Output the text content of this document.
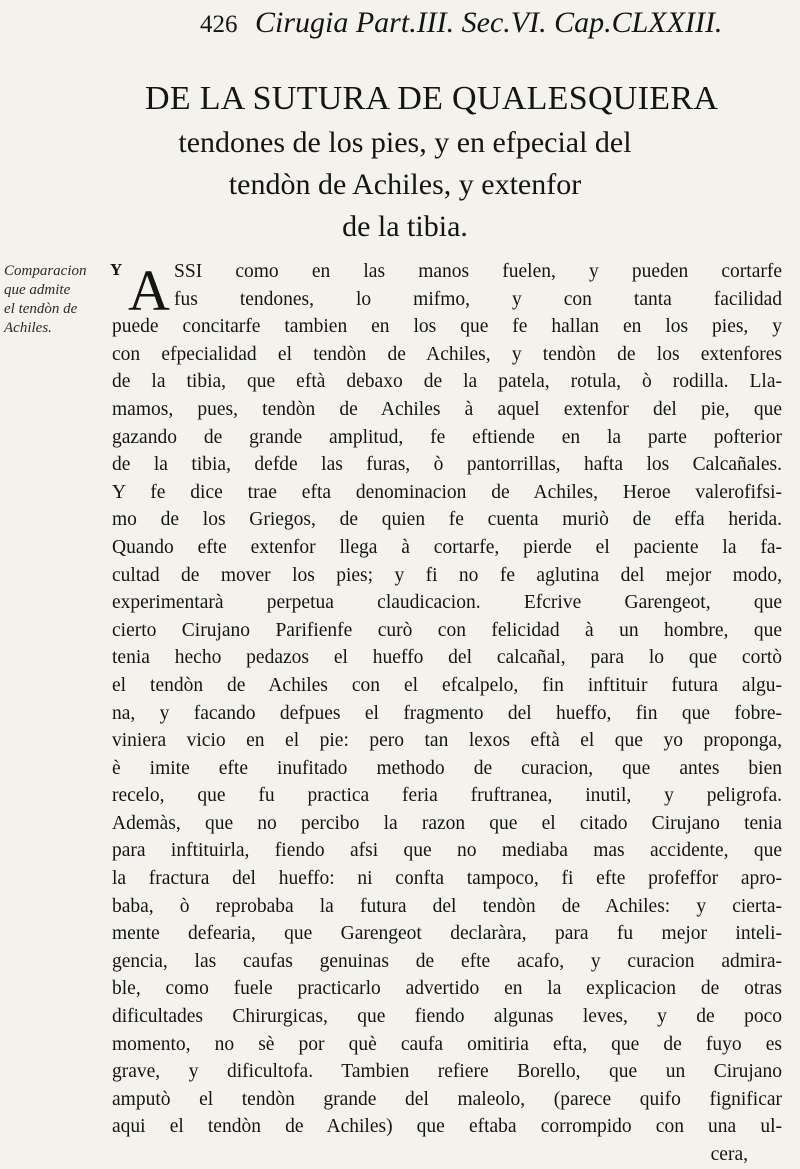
426 Cirugia Part.III. Sec.VI. Cap.CLXXIII.
DE LA SUTURA DE QUALESQUIERA
tendones de los pies, y en efpecial del
tendòn de Achiles, y extenfor
de la tibia.
Comparacion
que admite
el tendòn de
Achiles.
Y A SSI como en las manos fuelen, y pueden cortarfe
fus tendones, lo mifmo, y con tanta facilidad
puede concitarfe tambien en los que fe hallan en los pies, y
con efpecialidad el tendòn de Achiles, y tendòn de los extenfores
de la tibia, que eftà debaxo de la patela, rotula, ò rodilla. Lla-
mamos, pues, tendòn de Achiles à aquel extenfor del pie, que
gazando de grande amplitud, fe eftiende en la parte pofterior
de la tibia, defde las furas, ò pantorrillas, hafta los Calcañales.
Y fe dice trae efta denominacion de Achiles, Heroe valerofifsi-
mo de los Griegos, de quien fe cuenta muriò de effa herida.
Quando efte extenfor llega à cortarfe, pierde el paciente la fa-
cultad de mover los pies; y fi no fe aglutina del mejor modo,
experimentarà perpetua claudicacion. Efcrive Garengeot, que
cierto Cirujano Parifienfe curò con felicidad à un hombre, que
tenia hecho pedazos el hueffo del calcañal, para lo que cortò
el tendòn de Achiles con el efcalpelo, fin inftituir futura algu-
na, y facando defpues el fragmento del hueffo, fin que fobre-
viniera vicio en el pie: pero tan lexos eftà el que yo proponga,
è imite efte inufitado methodo de curacion, que antes bien
recelo, que fu practica feria fruftranea, inutil, y peligrofa.
Ademàs, que no percibo la razon que el citado Cirujano tenia
para inftituirla, fiendo afsi que no mediaba mas accidente, que
la fractura del hueffo: ni confta tampoco, fi efte profeffor apro-
baba, ò reprobaba la futura del tendòn de Achiles: y cierta-
mente defearia, que Garengeot declaràra, para fu mejor inteli-
gencia, las caufas genuinas de efte acafo, y curacion admira-
ble, como fuele practicarlo advertido en la explicacion de otras
dificultades Chirurgicas, que fiendo algunas leves, y de poco
momento, no sè por què caufa omitiria efta, que de fuyo es
grave, y dificultofa. Tambien refiere Borello, que un Cirujano
amputò el tendòn grande del maleolo, (parece quifo fignificar
aqui el tendòn de Achiles) que eftaba corrompido con una ul-
cera,
